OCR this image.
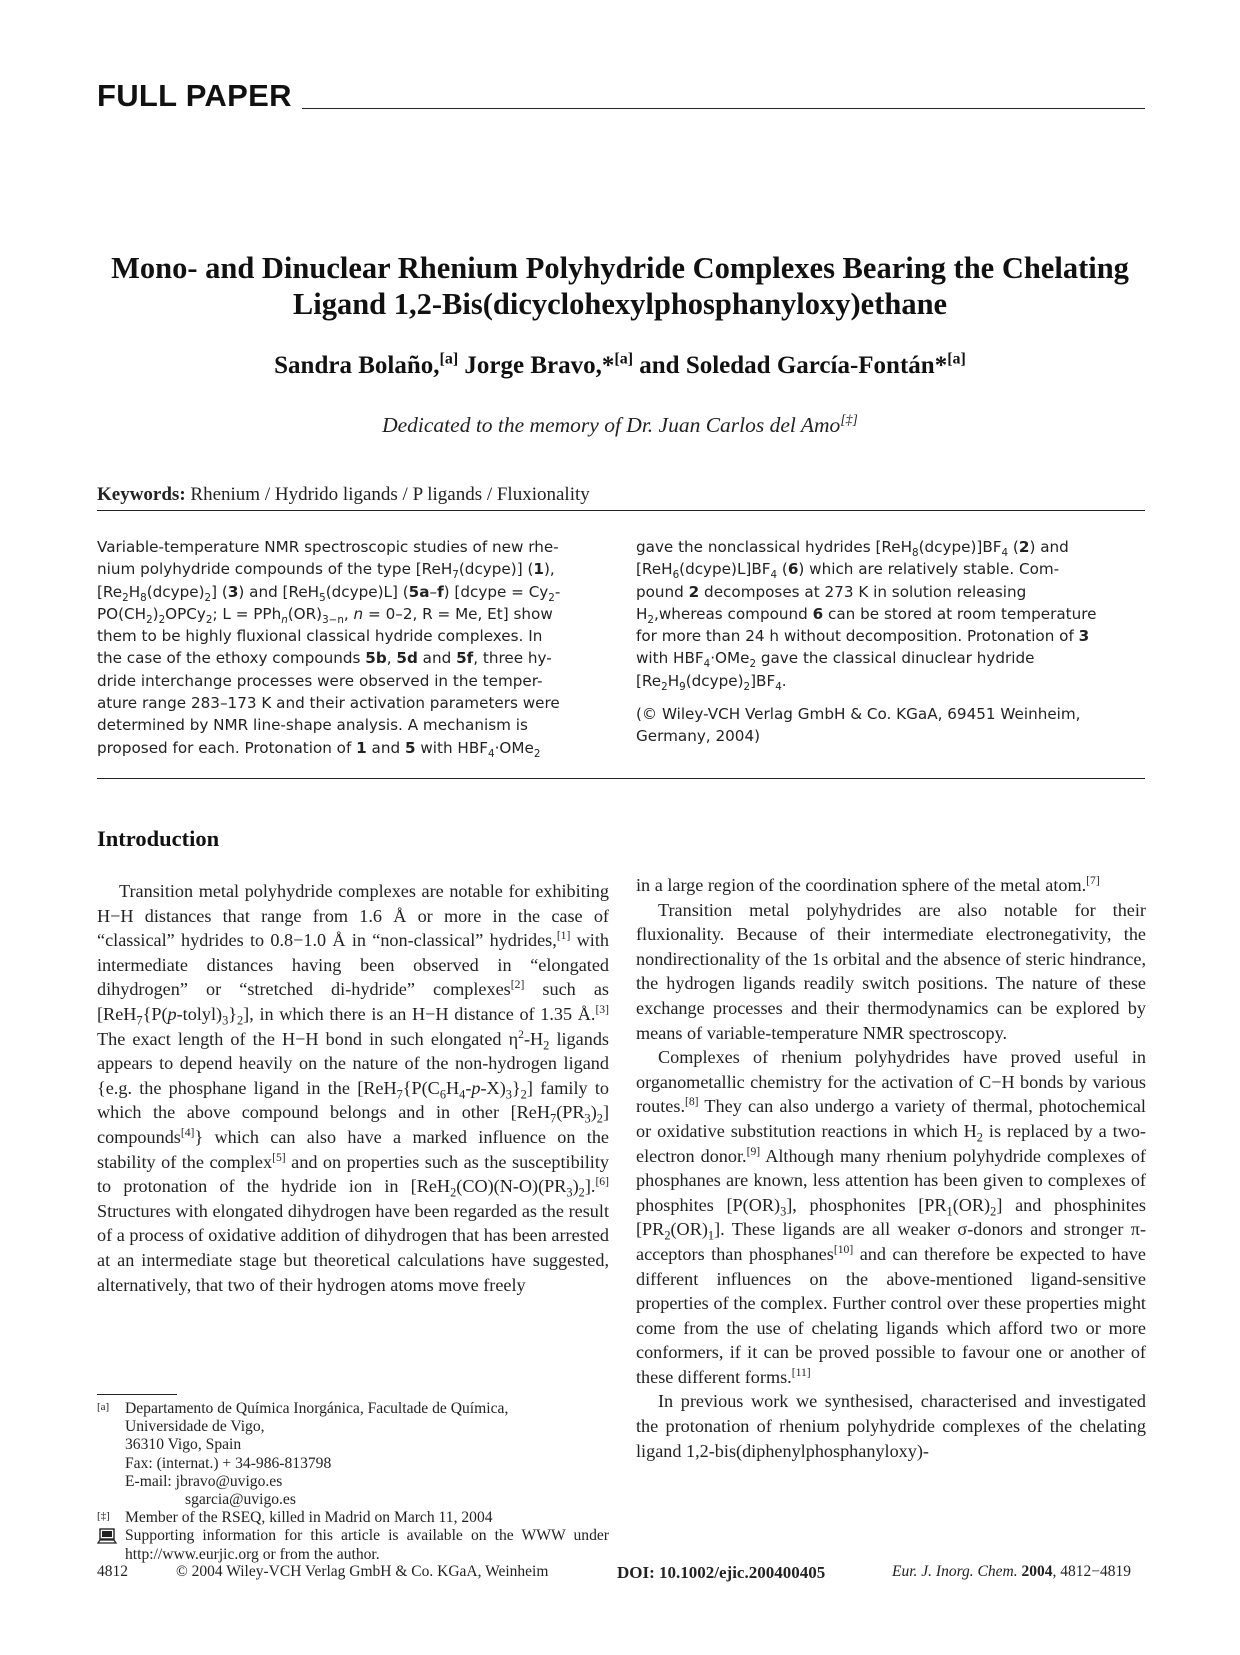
FULL PAPER
Mono- and Dinuclear Rhenium Polyhydride Complexes Bearing the Chelating
Ligand 1,2-Bis(dicyclohexylphosphanyloxy)ethane
Sandra Bolaño,[a] Jorge Bravo,*[a] and Soledad García-Fontán*[a]
Dedicated to the memory of Dr. Juan Carlos del Amo[‡]
Keywords: Rhenium / Hydrido ligands / P ligands / Fluxionality
Variable-temperature NMR spectroscopic studies of new rhe-
nium polyhydride compounds of the type [ReH$_7$(dcype)] (1),
$[Re_2H_8(dcype)_2]$ (3) and [ReH$_5$(dcype)L] (5a–f) [dcype = $Cy_2-$
$PO(CH_2)_2OPCy_2$; $L = PPh_n(OR)_{3-n}$, n = 0–2, R = Me, Et] show
them to be highly fluxional classical hydride complexes. In
the case of the ethoxy compounds 5b, 5d and 5f, three hy-
dride interchange processes were observed in the temper-
ature range 283–173 K and their activation parameters were
determined by NMR line-shape analysis. A mechanism is
proposed for each. Protonation of 1 and 5 with $HBF_4\cdot OMe_2$

gave the nonclassical hydrides $[ReH_8(dcype)]BF_4$ (2) and
$[ReH_6(dcype)L]BF_4$ (6) which are relatively stable. Com-
pound 2 decomposes at 273 K in solution releasing
$H_2,whereas$ compound 6 can be stored at room temperature
for more than 24 h without decomposition. Protonation of 3
with $HBF_4\cdot OMe_2$ gave the classical dinuclear hydride
$[Re_2H_9(dcype)_2]BF_4$.

(© Wiley-VCH Verlag GmbH & Co. KGaA, 69451 Weinheim, Germany, 2004)

Introduction

Transition metal polyhydride complexes are notable for exhibiting H−H distances that range from 1.6 Å or more in the case of “classical” hydrides to 0.8−1.0 Å in “non-classical” hydrides,[1] with intermediate distances having been observed in “elongated dihydrogen” or “stretched di-hydride” complexes[2] such as $[ReH_7\{P(p-tolyl)_3\}_2]$, in which there is an H−H distance of 1.35 Å.[3] The exact length of the H−H bond in such elongated $\eta^2-H_2$ ligands appears to depend heavily on the nature of the non-hydrogen ligand {e.g. the phosphane ligand in the $[ReH_7\{P(C_6H_4-p-X)_3\}_2]$ family to which the above compound belongs and in other $[ReH_7(PR_3)_2]$ compounds[4]} which can also have a marked influence on the stability of the complex[5] and on properties such as the susceptibility to protonation of the hydride ion in $[ReH_2(CO)(N-O)(PR_3)_2].[6]$ Structures with elongated dihydrogen have been regarded as the result of a process of oxidative addition of dihydrogen that has been arrested at an intermediate stage but theoretical calculations have suggested, alternatively, that two of their hydrogen atoms move freely

in a large region of the coordination sphere of the metal atom.[7]

Transition metal polyhydrides are also notable for their fluxionality. Because of their intermediate electronegativity, the nondirectionality of the 1s orbital and the absence of steric hindrance, the hydrogen ligands readily switch positions. The nature of these exchange processes and their thermodynamics can be explored by means of variable-temperature NMR spectroscopy.

Complexes of rhenium polyhydrides have proved useful in organometallic chemistry for the activation of C−H bonds by various routes.[8] They can also undergo a variety of thermal, photochemical or oxidative substitution reactions in which $H_2$ is replaced by a two-electron donor.[9] Although many rhenium polyhydride complexes of phosphanes are known, less attention has been given to complexes of phosphites $[P(OR)_3]$, phosphonites $[PR_1(OR)_2]$ and phosphinites $[PR_2(OR)_1]$. These ligands are all weaker σ-donors and stronger π-acceptors than phosphanes[10] and can therefore be expected to have different influences on the above-mentioned ligand-sensitive properties of the complex. Further control over these properties might come from the use of chelating ligands which afford two or more conformers, if it can be proved possible to favour one or another of these different forms.[11]

In previous work we synthesised, characterised and investigated the protonation of rhenium polyhydride complexes of the chelating ligand 1,2-bis(diphenylphosphanyloxy)-

[a] Departamento de Química Inorgánica, Facultade de Química,
Universidade de Vigo,
36310 Vigo, Spain
Fax: (internat.) + 34-986-813798
E-mail: jbravo@uvigo.es
sgarcia@uvigo.es
[‡] Member of the RSEQ, killed in Madrid on March 11, 2004
Supporting information for this article is available on the WWW under http://www.eurjic.org or from the author.
4812	© 2004 Wiley-VCH Verlag GmbH & Co. KGaA, Weinheim	DOI: 10.1002/ejic.200400405	Eur. J. Inorg. Chem. 2004 , 4812−4819
